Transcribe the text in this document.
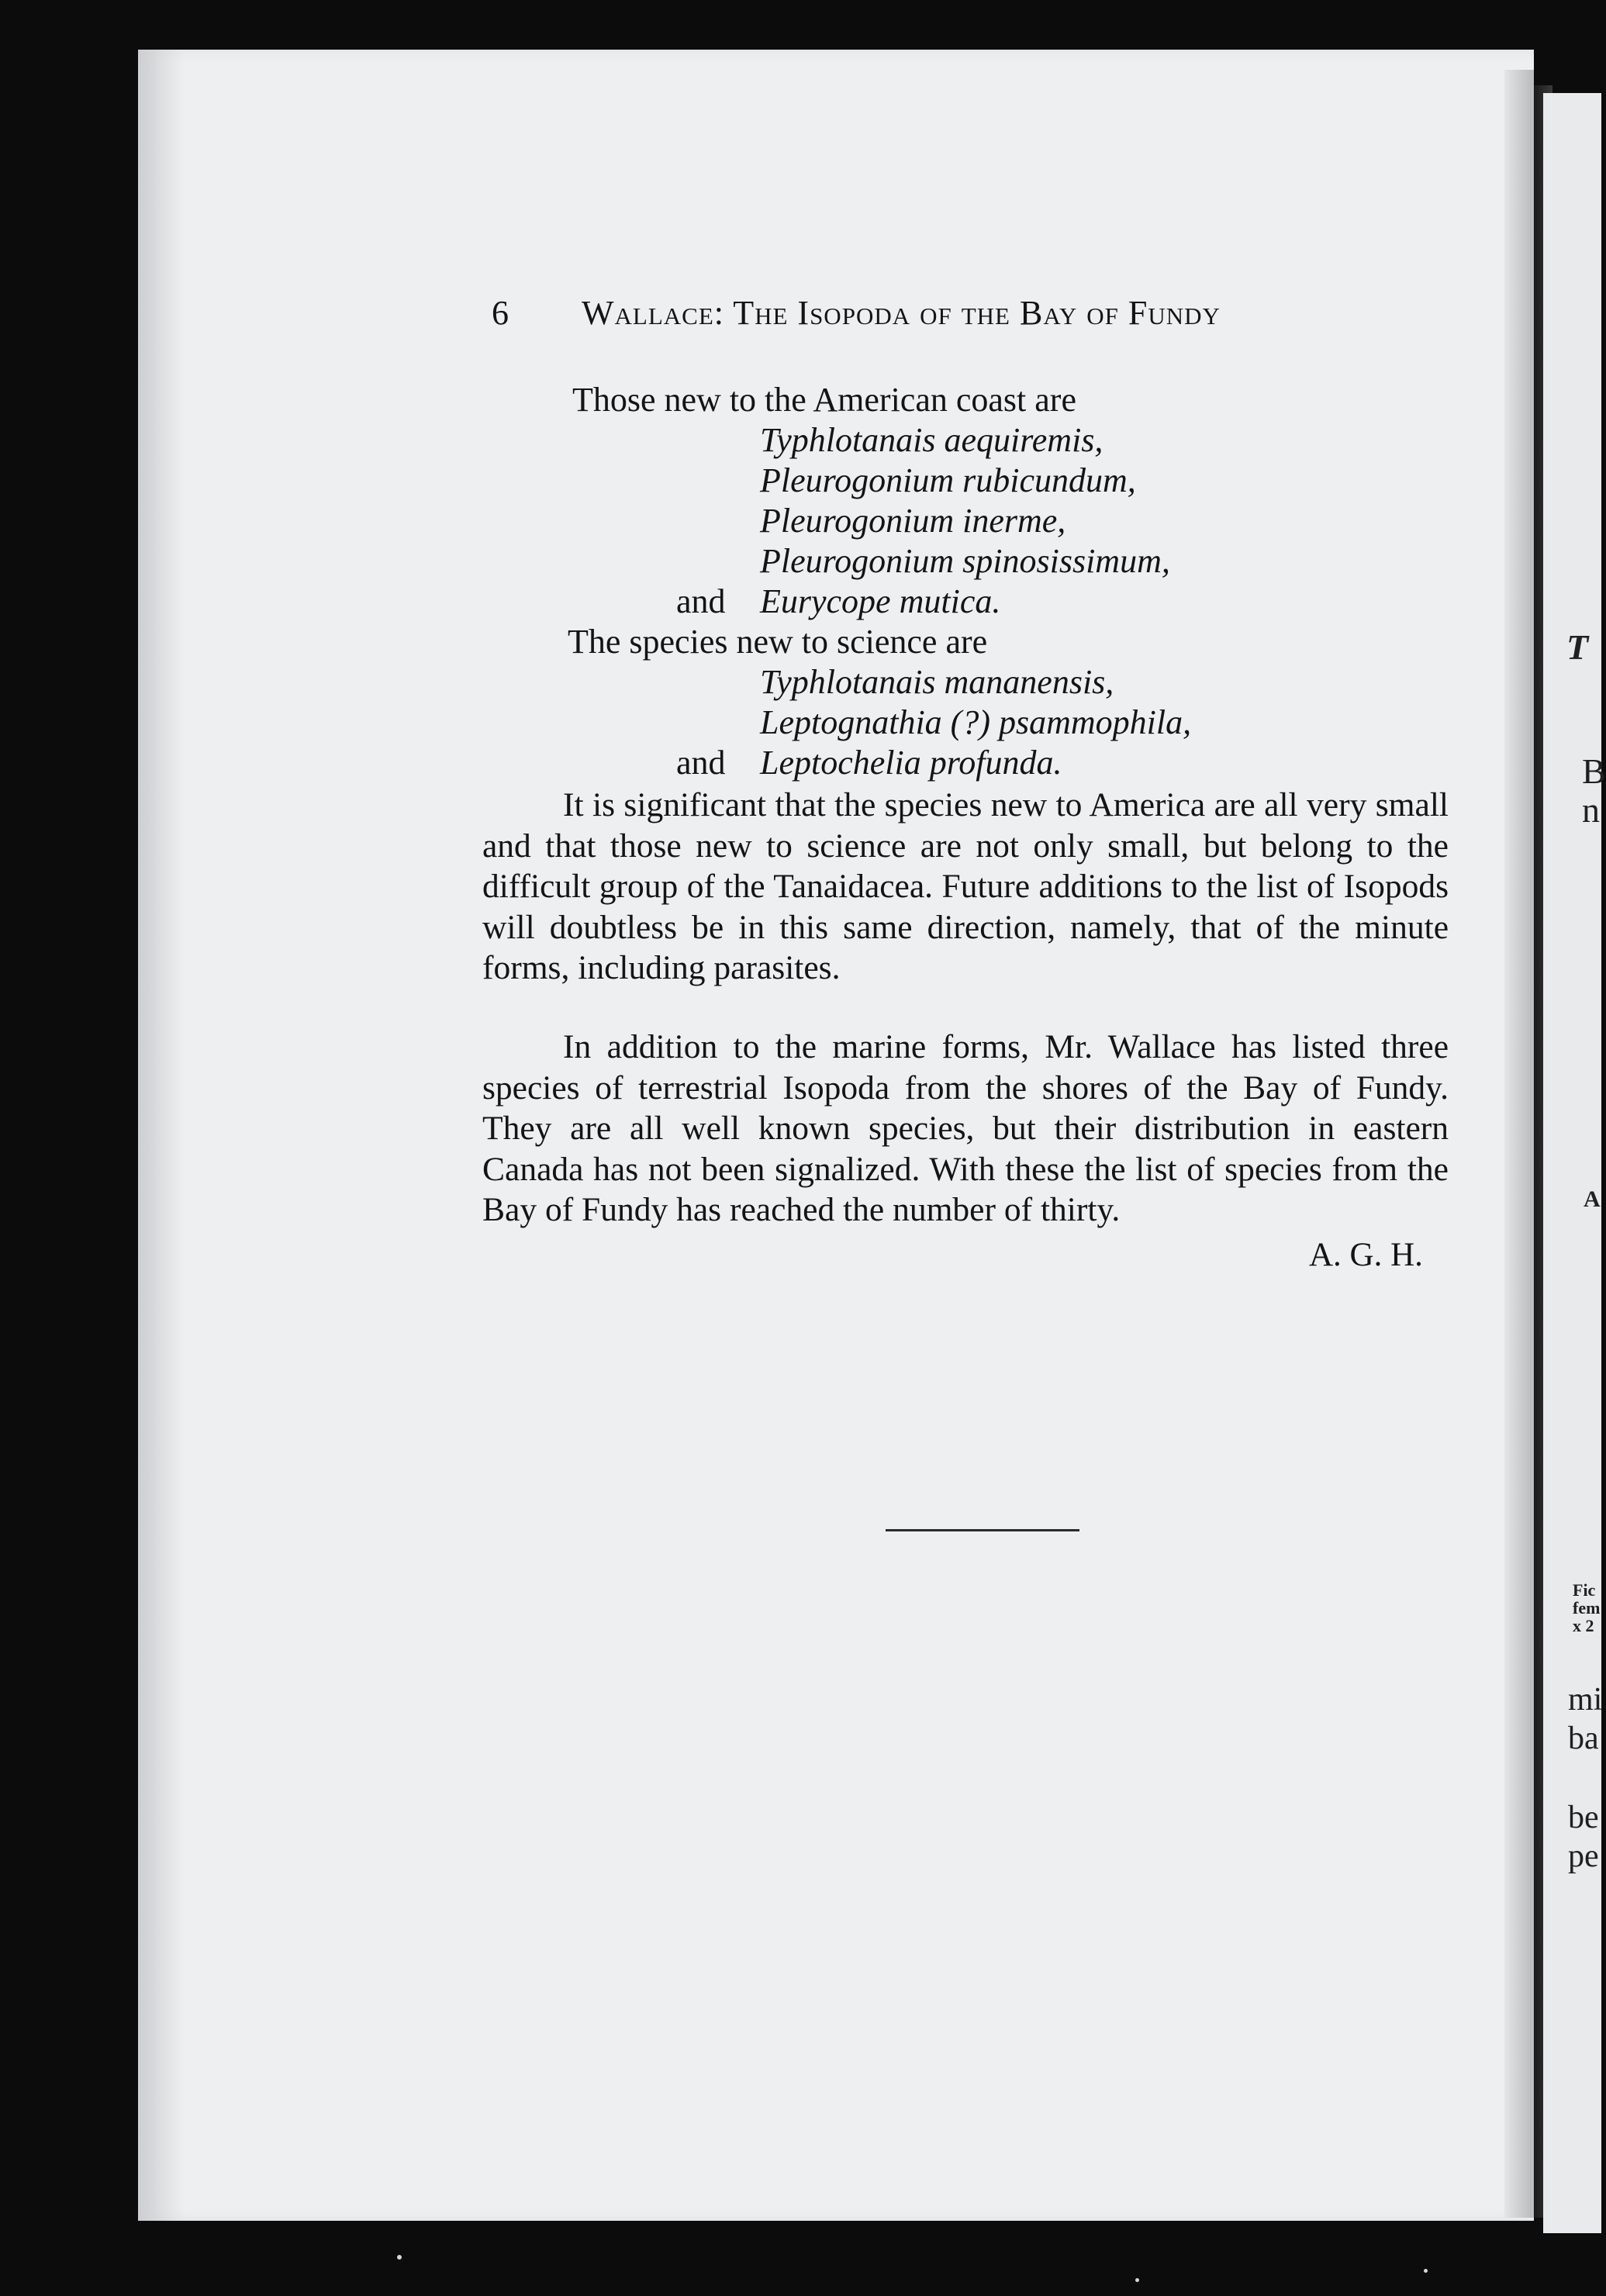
T
B
n
A
Fic
fem
x 2
mi
ba
be
pe
6 Wallace: The Isopoda of the Bay of Fundy
Those new to the American coast are
Typhlotanais aequiremis,
Pleurogonium rubicundum,
Pleurogonium inerme,
Pleurogonium spinosissimum,
and Eurycope mutica.
The species new to science are
Typhlotanais mananensis,
Leptognathia (?) psammophila,
and Leptochelia profunda.
It is significant that the species new to America are all very small and that those new to science are not only small, but belong to the difficult group of the Tanaidacea. Future additions to the list of Isopods will doubtless be in this same direction, namely, that of the minute forms, including parasites.
In addition to the marine forms, Mr. Wallace has listed three species of terrestrial Isopoda from the shores of the Bay of Fundy. They are all well known species, but their distribution in eastern Canada has not been signalized. With these the list of species from the Bay of Fundy has reached the number of thirty.
A. G. H.
